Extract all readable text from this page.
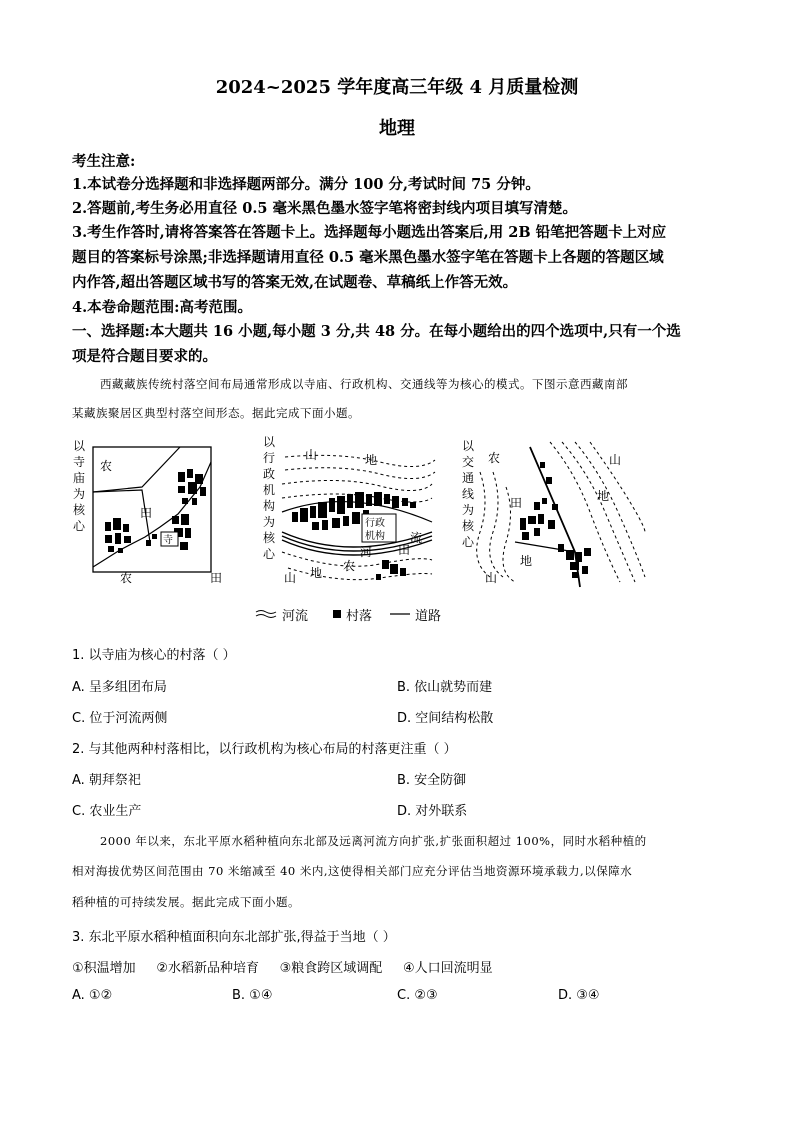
2024~2025 学年度高三年级 4 月质量检测
地理
考生注意:
1.本试卷分选择题和非选择题两部分。满分 100 分,考试时间 75 分钟。
2.答题前,考生务必用直径 0.5 毫米黑色墨水签字笔将密封线内项目填写清楚。
3.考生作答时,请将答案答在答题卡上。选择题每小题选出答案后,用 2B 铅笔把答题卡上对应
题目的答案标号涂黑;非选择题请用直径 0.5 毫米黑色墨水签字笔在答题卡上各题的答题区域
内作答,超出答题区域书写的答案无效,在试题卷、草稿纸上作答无效。
4.本卷命题范围:高考范围。
一、选择题:本大题共 16 小题,每小题 3 分,共 48 分。在每小题给出的四个选项中,只有一个选
项是符合题目要求的。
西藏藏族传统村落空间布局通常形成以寺庙、行政机构、交通线等为核心的模式。下图示意西藏南部
某藏族聚居区典型村落空间形态。据此完成下面小题。
以
寺
庙
为
核
心
寺
农
田
农	田
以
行
政
机
构
为
核
心
行政
机构
山	地
山 地 农
田
河
流
以
交
通
线
为
核
心
农
田
山
地
山
地
河流	村落	道路
1. 以寺庙为核心的村落（ ）
A. 呈多组团布局	B. 依山就势而建
C. 位于河流两侧	D. 空间结构松散
2. 与其他两种村落相比，以行政机构为核心布局的村落更注重（ ）
A. 朝拜祭祀	B. 安全防御
C. 农业生产	D. 对外联系
2000 年以来，东北平原水稻种植向东北部及远离河流方向扩张,扩张面积超过 100%，同时水稻种植的
相对海拔优势区间范围由 70 米缩减至 40 米内,这使得相关部门应充分评估当地资源环境承载力,以保障水
稻种植的可持续发展。据此完成下面小题。
3. 东北平原水稻种植面积向东北部扩张,得益于当地（ ）
①积温增加     ②水稻新品种培育     ③粮食跨区域调配     ④人口回流明显
A. ①②	B. ①④	C. ②③	D. ③④
